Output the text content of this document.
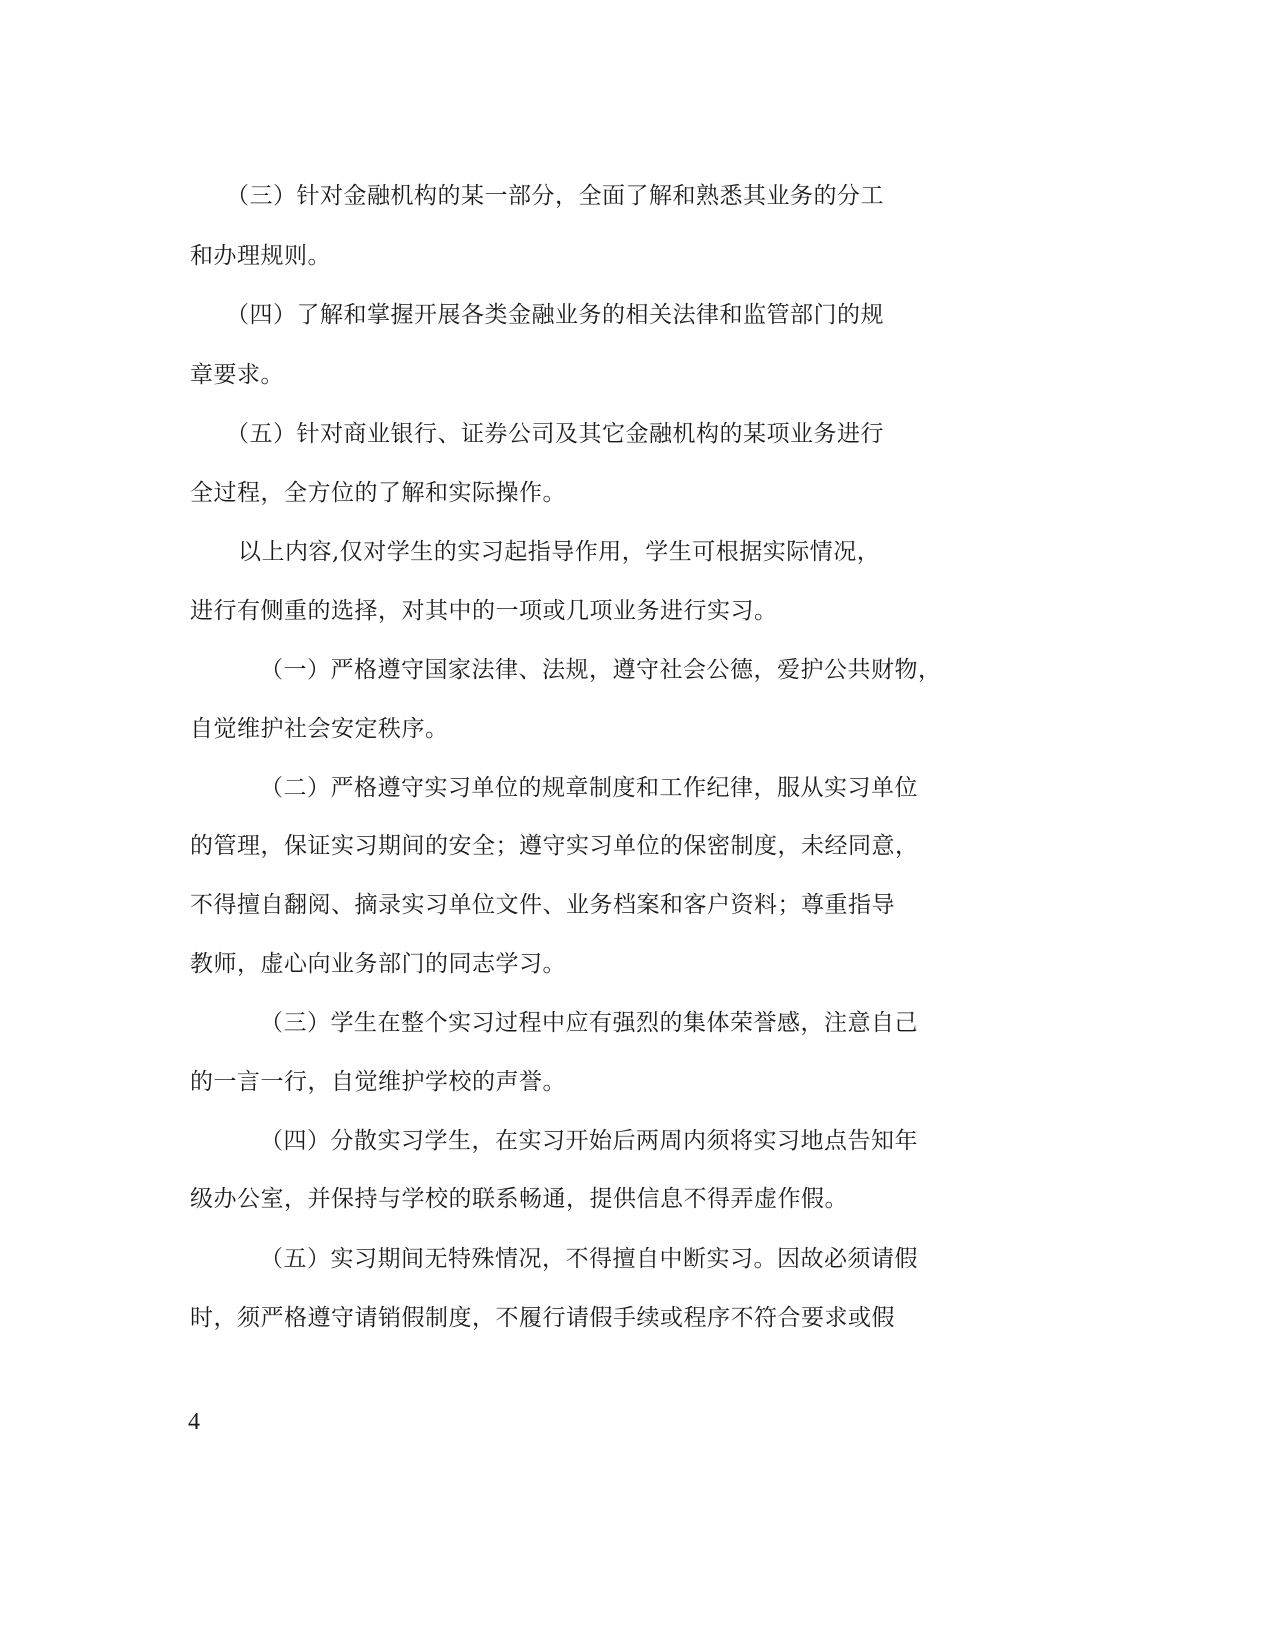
（三）针对金融机构的某一部分，全面了解和熟悉其业务的分工
和办理规则。
（四）了解和掌握开展各类金融业务的相关法律和监管部门的规
章要求。
（五）针对商业银行、证券公司及其它金融机构的某项业务进行
全过程，全方位的了解和实际操作。
以上内容,仅对学生的实习起指导作用，学生可根据实际情况，
进行有侧重的选择，对其中的一项或几项业务进行实习。
（一）严格遵守国家法律、法规，遵守社会公德，爱护公共财物，
自觉维护社会安定秩序。
（二）严格遵守实习单位的规章制度和工作纪律，服从实习单位
的管理，保证实习期间的安全；遵守实习单位的保密制度，未经同意，
不得擅自翻阅、摘录实习单位文件、业务档案和客户资料；尊重指导
教师，虚心向业务部门的同志学习。
（三）学生在整个实习过程中应有强烈的集体荣誉感，注意自己
的一言一行，自觉维护学校的声誉。
（四）分散实习学生，在实习开始后两周内须将实习地点告知年
级办公室，并保持与学校的联系畅通，提供信息不得弄虚作假。
（五）实习期间无特殊情况，不得擅自中断实习。因故必须请假
时，须严格遵守请销假制度，不履行请假手续或程序不符合要求或假
4
